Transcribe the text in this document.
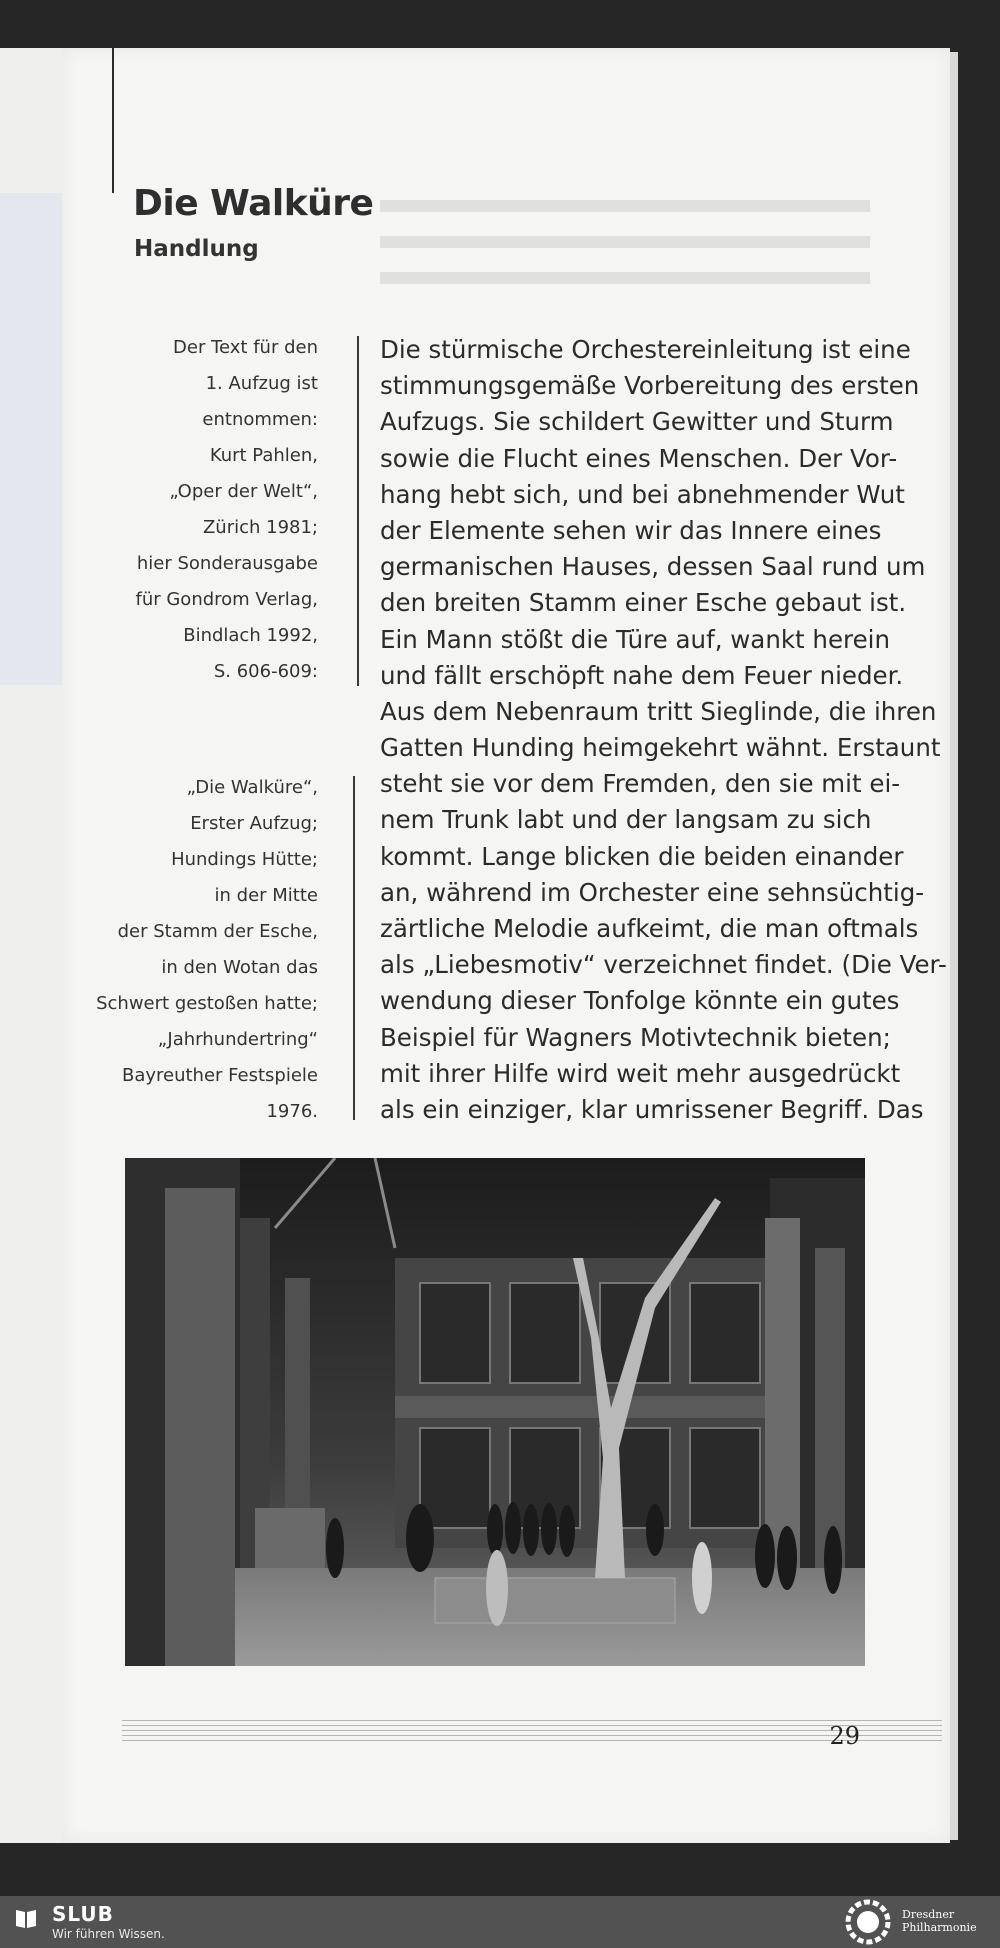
Die Walküre
Handlung
Der Text für den
1. Aufzug ist
entnommen:
Kurt Pahlen,
„Oper der Welt“,
Zürich 1981;
hier Sonderausgabe
für Gondrom Verlag,
Bindlach 1992,
S. 606-609:
„Die Walküre“,
Erster Aufzug;
Hundings Hütte;
in der Mitte
der Stamm der Esche,
in den Wotan das
Schwert gestoßen hatte;
„Jahrhundertring“
Bayreuther Festspiele
1976.
Die stürmische Orchestereinleitung ist eine
stimmungsgemäße Vorbereitung des ersten
Aufzugs. Sie schildert Gewitter und Sturm
sowie die Flucht eines Menschen. Der Vor-
hang hebt sich, und bei abnehmender Wut
der Elemente sehen wir das Innere eines
germanischen Hauses, dessen Saal rund um
den breiten Stamm einer Esche gebaut ist.
Ein Mann stößt die Türe auf, wankt herein
und fällt erschöpft nahe dem Feuer nieder.
Aus dem Nebenraum tritt Sieglinde, die ihren
Gatten Hunding heimgekehrt wähnt. Erstaunt
steht sie vor dem Fremden, den sie mit ei-
nem Trunk labt und der langsam zu sich
kommt. Lange blicken die beiden einander
an, während im Orchester eine sehnsüchtig-
zärtliche Melodie aufkeimt, die man oftmals
als „Liebesmotiv“ verzeichnet findet. (Die Ver-
wendung dieser Tonfolge könnte ein gutes
Beispiel für Wagners Motivtechnik bieten;
mit ihrer Hilfe wird weit mehr ausgedrückt
als ein einziger, klar umrissener Begriff. Das
29
SLUB
Wir führen Wissen.
Dresdner
Philharmonie
